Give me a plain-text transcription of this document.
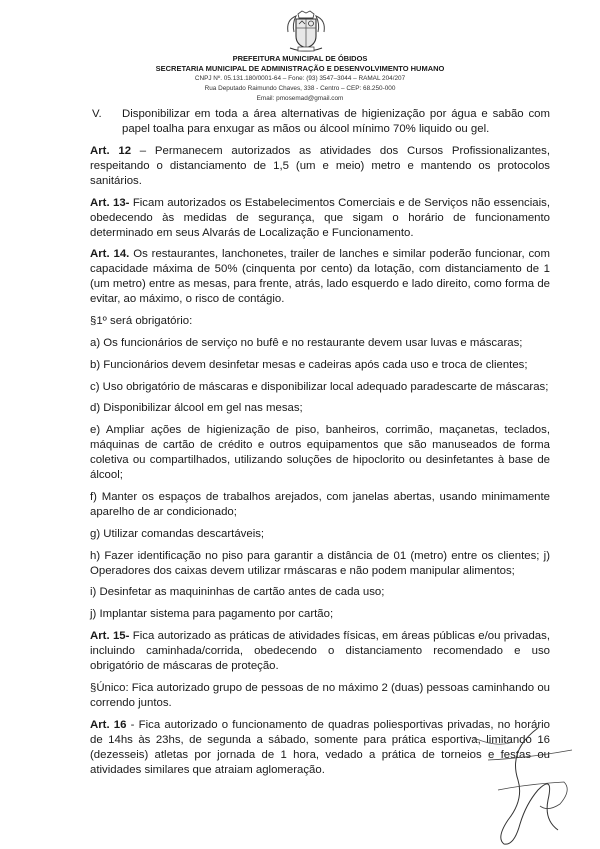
PREFEITURA MUNICIPAL DE ÓBIDOS
SECRETARIA MUNICIPAL DE ADMINISTRAÇÃO E DESENVOLVIMENTO HUMANO
CNPJ Nº. 05.131.180/0001-64 – Fone: (93) 3547–3044 – RAMAL 204/207
Rua Deputado Raimundo Chaves, 338 - Centro – CEP: 68.250-000
Email: pmosemad@gmail.com

V.	Disponibilizar em toda a área alternativas de higienização por água e sabão com papel toalha para enxugar as mãos ou álcool mínimo 70% liquido ou gel.

Art. 12 – Permanecem autorizados as atividades dos Cursos Profissionalizantes, respeitando o distanciamento de 1,5 (um e meio) metro e mantendo os protocolos sanitários.

Art. 13- Ficam autorizados os Estabelecimentos Comerciais e de Serviços não essenciais, obedecendo às medidas de segurança, que sigam o horário de funcionamento determinado em seus Alvarás de Localização e Funcionamento.

Art. 14. Os restaurantes, lanchonetes, trailer de lanches e similar poderão funcionar, com capacidade máxima de 50% (cinquenta por cento) da lotação, com distanciamento de 1 (um metro) entre as mesas, para frente, atrás, lado esquerdo e lado direito, como forma de evitar, ao máximo, o risco de contágio.

§1º será obrigatório:

a) Os funcionários de serviço no bufê e no restaurante devem usar luvas e máscaras;

b) Funcionários devem desinfetar mesas e cadeiras após cada uso e troca de clientes;

c) Uso obrigatório de máscaras e disponibilizar local adequado paradescarte de máscaras;

d) Disponibilizar álcool em gel nas mesas;

e) Ampliar ações de higienização de piso, banheiros, corrimão, maçanetas, teclados, máquinas de cartão de crédito e outros equipamentos que são manuseados de forma coletiva ou compartilhados, utilizando soluções de hipoclorito ou desinfetantes à base de álcool;

f) Manter os espaços de trabalhos arejados, com janelas abertas, usando minimamente aparelho de ar condicionado;

g) Utilizar comandas descartáveis;

h) Fazer identificação no piso para garantir a distância de 01 (metro) entre os clientes; j) Operadores dos caixas devem utilizar rmáscaras e não podem manipular alimentos;

i) Desinfetar as maquininhas de cartão antes de cada uso;

j) Implantar sistema para pagamento por cartão;

Art. 15- Fica autorizado as práticas de atividades físicas, em áreas públicas e/ou privadas, incluindo caminhada/corrida, obedecendo o distanciamento recomendado e uso obrigatório de máscaras de proteção.

§Único: Fica autorizado grupo de pessoas de no máximo 2 (duas) pessoas caminhando ou correndo juntos.

Art. 16 - Fica autorizado o funcionamento de quadras poliesportivas privadas, no horário de 14hs às 23hs, de segunda a sábado, somente para prática esportiva, limitando 16 (dezesseis) atletas por jornada de 1 hora, vedado a prática de torneios e festas ou atividades similares que atraiam aglomeração.
